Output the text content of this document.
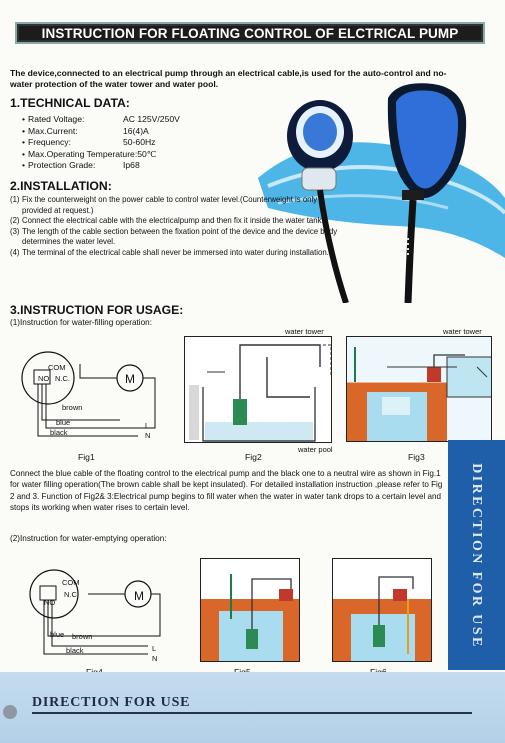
INSTRUCTION FOR FLOATING CONTROL OF ELCTRICAL PUMP
The device,connected to an electrical pump through an electrical cable,is used for the auto-control and no-water protection of the water tower and water pool.
1.TECHNICAL DATA:
• Rated Voltage:	AC 125V/250V
• Max.Current:	16(4)A
• Frequency:	50-60Hz
• Max.Operating Temperature:50℃
• Protection Grade:	Ip68
2.INSTALLATION:

(1) Fix the counterweight on the power cable to control water level.(Counterweight is only provided at request.)

(2) Connect the electrical cable with the electricalpump and then fix it inside the water tank.

(3) The length of the cable section between the fixation point of the device and the device body determines the water level.

(4) The terminal of the electrical cable shall never be immersed into water during installation.

3.INSTRUCTION FOR USAGE:
(1)Instruction for water-filling operation:
COM
N.C.
NO	M
brown
blue
black
L
N
Fig1
water tower
water pool
Fig2
water tower
Fig3
Connect the blue cable of the floating control to the electrical pump and the black one to a neutral wire as shown in Fig.1 for water filling operation(The brown cable shall be kept insulated). For detailed installation instruction ,please refer to Fig 2 and 3. Function of Fig2& 3:Electrical pump begins to fill water when the water in water tank drops to a certain level and stops its working when water rises to certain level.
(2)Instruction for water-emptying operation:
COM
N.C.
NO	M
brown
blue
black	L
N
DIRECTION FOR USE
DIRECTION FOR USE
